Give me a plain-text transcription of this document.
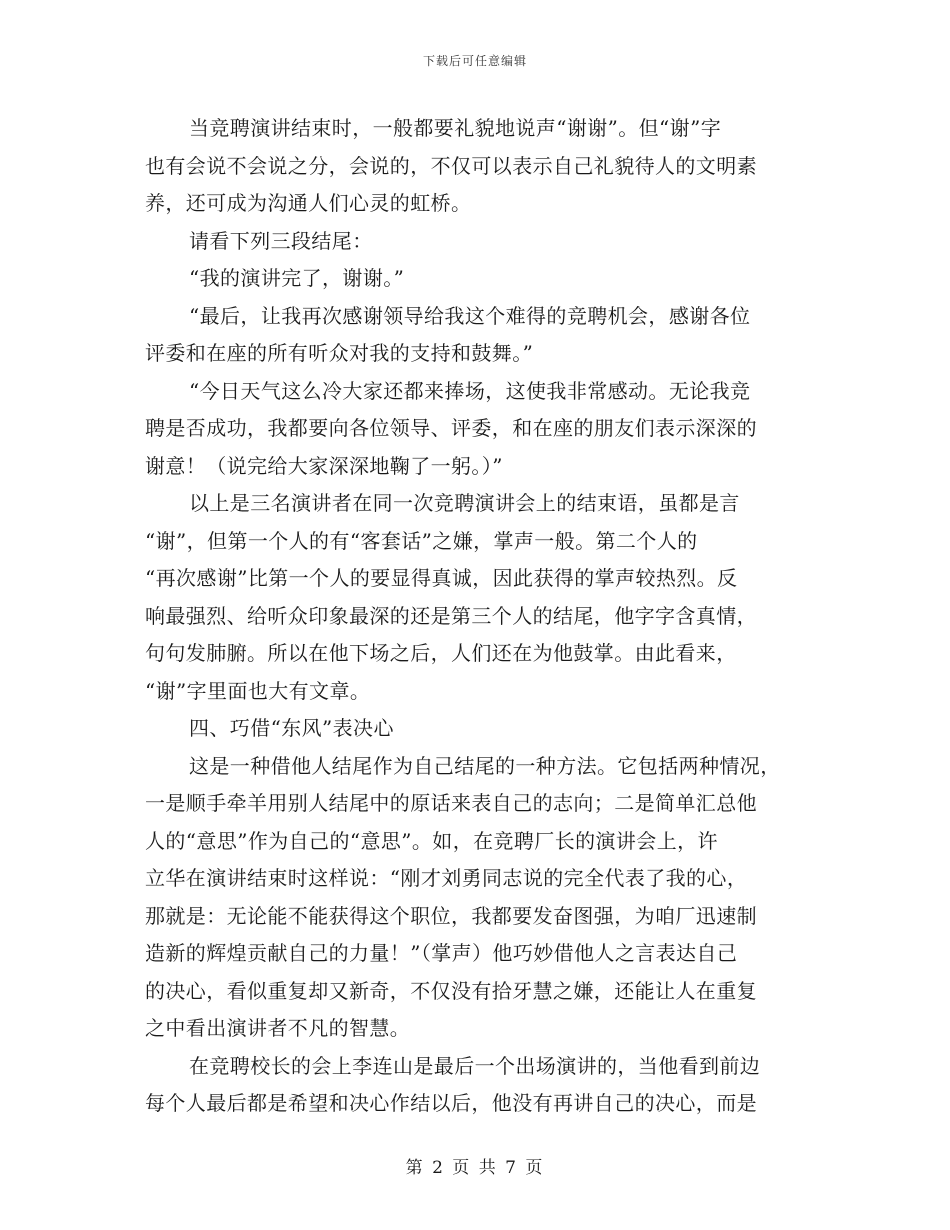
下载后可任意编辑
当竞聘演讲结束时，一般都要礼貌地说声“谢谢”。但“谢”字
也有会说不会说之分，会说的，不仅可以表示自己礼貌待人的文明素
养，还可成为沟通人们心灵的虹桥。
请看下列三段结尾：
“我的演讲完了，谢谢。”
“最后，让我再次感谢领导给我这个难得的竞聘机会，感谢各位
评委和在座的所有听众对我的支持和鼓舞。”
“今日天气这么冷大家还都来捧场，这使我非常感动。无论我竞
聘是否成功，我都要向各位领导、评委，和在座的朋友们表示深深的
谢意！（说完给大家深深地鞠了一躬。）”
以上是三名演讲者在同一次竞聘演讲会上的结束语，虽都是言
“谢”，但第一个人的有“客套话”之嫌，掌声一般。第二个人的
“再次感谢”比第一个人的要显得真诚，因此获得的掌声较热烈。反
响最强烈、给听众印象最深的还是第三个人的结尾，他字字含真情，
句句发肺腑。所以在他下场之后，人们还在为他鼓掌。由此看来，
“谢”字里面也大有文章。
四、巧借“东风”表决心
这是一种借他人结尾作为自己结尾的一种方法。它包括两种情况，
一是顺手牵羊用别人结尾中的原话来表自己的志向；二是简单汇总他
人的“意思”作为自己的“意思”。如，在竞聘厂长的演讲会上，许
立华在演讲结束时这样说：“刚才刘勇同志说的完全代表了我的心，
那就是：无论能不能获得这个职位，我都要发奋图强，为咱厂迅速制
造新的辉煌贡献自己的力量！”（掌声）他巧妙借他人之言表达自己
的决心，看似重复却又新奇，不仅没有拾牙慧之嫌，还能让人在重复
之中看出演讲者不凡的智慧。
在竞聘校长的会上李连山是最后一个出场演讲的，当他看到前边
每个人最后都是希望和决心作结以后，他没有再讲自己的决心，而是
第 2 页 共 7 页
